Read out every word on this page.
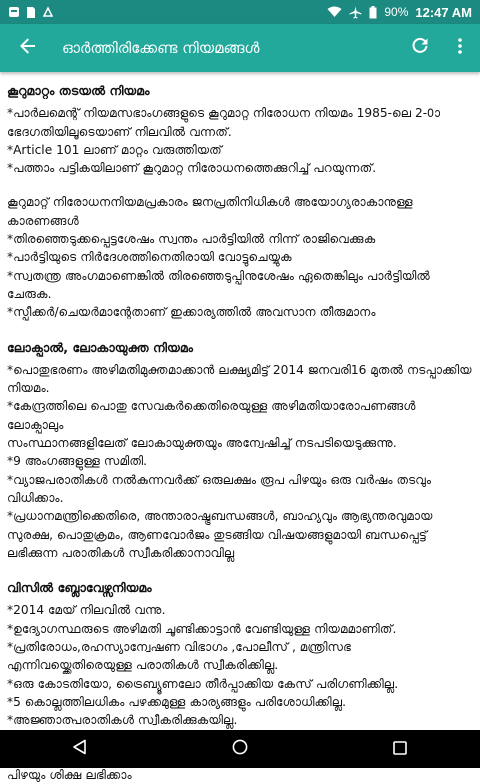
90% 12:47 AM
ഓർത്തിരിക്കേണ്ട നിയമങ്ങൾ
കൂറുമാറ്റം തടയൽ നിയമം

*പാർലമെന്റ് നിയമസഭാംഗങ്ങളുടെ കൂറുമാറ്റ നിരോധന നിയമം 1985-ലെ 2-0ാ ഭേദഗതിയിലൂടെയാണ് നിലവിൽ വന്നത്.

*Article 101 ലാണ് മാറ്റം വരുത്തിയത്

*പത്താം പട്ടികയിലാണ് കൂറുമാറ്റ നിരോധനത്തെക്കുറിച്ച് പറയുന്നത്.

കൂറുമാറ്റ് നിരോധനനിയമപ്രകാരം ജനപ്രതിനിധികൾ അയോഗ്യരാകാനുള്ള കാരണങ്ങൾ

*തിരഞ്ഞെടുക്കപ്പെട്ടശേഷം സ്വന്തം പാർട്ടിയിൽ നിന്ന് രാജിവെക്കുക

*പാർട്ടിയുടെ നിർദേശത്തിനെതിരായി വോട്ടുചെയ്യുക

*സ്വതന്ത്ര അംഗമാണെങ്കിൽ തിരഞ്ഞെടുപ്പിനുശേഷം ഏതെങ്കിലും പാർട്ടിയിൽ ചേരുക.

*സ്പീക്കർ/ചെയർമാന്റേതാണ് ഇക്കാര്യത്തിൽ അവസാന തീരുമാനം

ലോക്പാൽ, ലോകായുക്ത നിയമം

*പൊതുഭരണം അഴിമതിമുക്തമാക്കാൻ ലക്ഷ്യമിട്ട് 2014 ജനവരി16 മുതൽ നടപ്പാക്കിയ നിയമം.

*കേന്ദ്രത്തിലെ പൊതു സേവകർക്കെതിരെയുള്ള അഴിമതിയാരോപണങ്ങൾ ലോക്പാലും

സംസ്ഥാനങ്ങളിലേത് ലോകായുക്തയും അന്വേഷിച്ച് നടപടിയെടുക്കുന്നു.

*9 അംഗങ്ങളുള്ള സമിതി.

*വ്യാജപരാതികൾ നൽകുന്നവർക്ക് ഒരുലക്ഷം രൂപ പിഴയും ഒരു വർഷം തടവും വിധിക്കാം.

*പ്രധാനമന്ത്രിക്കെതിരെ, അന്താരാഷ്ട്രബന്ധങ്ങൾ, ബാഹ്യവും ആഭ്യന്തരവുമായ സുരക്ഷ, പൊതുക്രമം, ആണവോർജം തുടങ്ങിയ വിഷയങ്ങളുമായി ബന്ധപ്പെട്ട് ലഭിക്കുന്ന പരാതികൾ സ്വീകരിക്കാനാവില്ല

വിസിൽ ബ്ലോവേഴ്സനിയമം

*2014 മേയ് നിലവിൽ വന്നു.

*ഉദ്യോഗസ്ഥരുടെ അഴിമതി ചൂണ്ടിക്കാട്ടാൻ വേണ്ടിയുള്ള നിയമമാണിത്.

*പ്രതിരോധം,രഹസ്യാന്വേഷണ വിഭാഗം ,പോലീസ് , മന്ത്രിസഭ എന്നിവയ്ക്കെതിരെയുള്ള പരാതികൾ സ്വീകരിക്കില്ല.

*ഒരു കോടതിയോ, ട്രൈബ്യൂണലോ തീർപ്പാക്കിയ കേസ് പരിഗണിക്കില്ല.

*5 കൊല്ലത്തിലധികം പഴക്കമുള്ള കാര്യങ്ങളും പരിശോധിക്കില്ല.

*അജ്ഞാത്പരാതികൾ സ്വീകരിക്കുകയില്ല.

പിഴയും ശിക്ഷ ലഭിക്കാം
